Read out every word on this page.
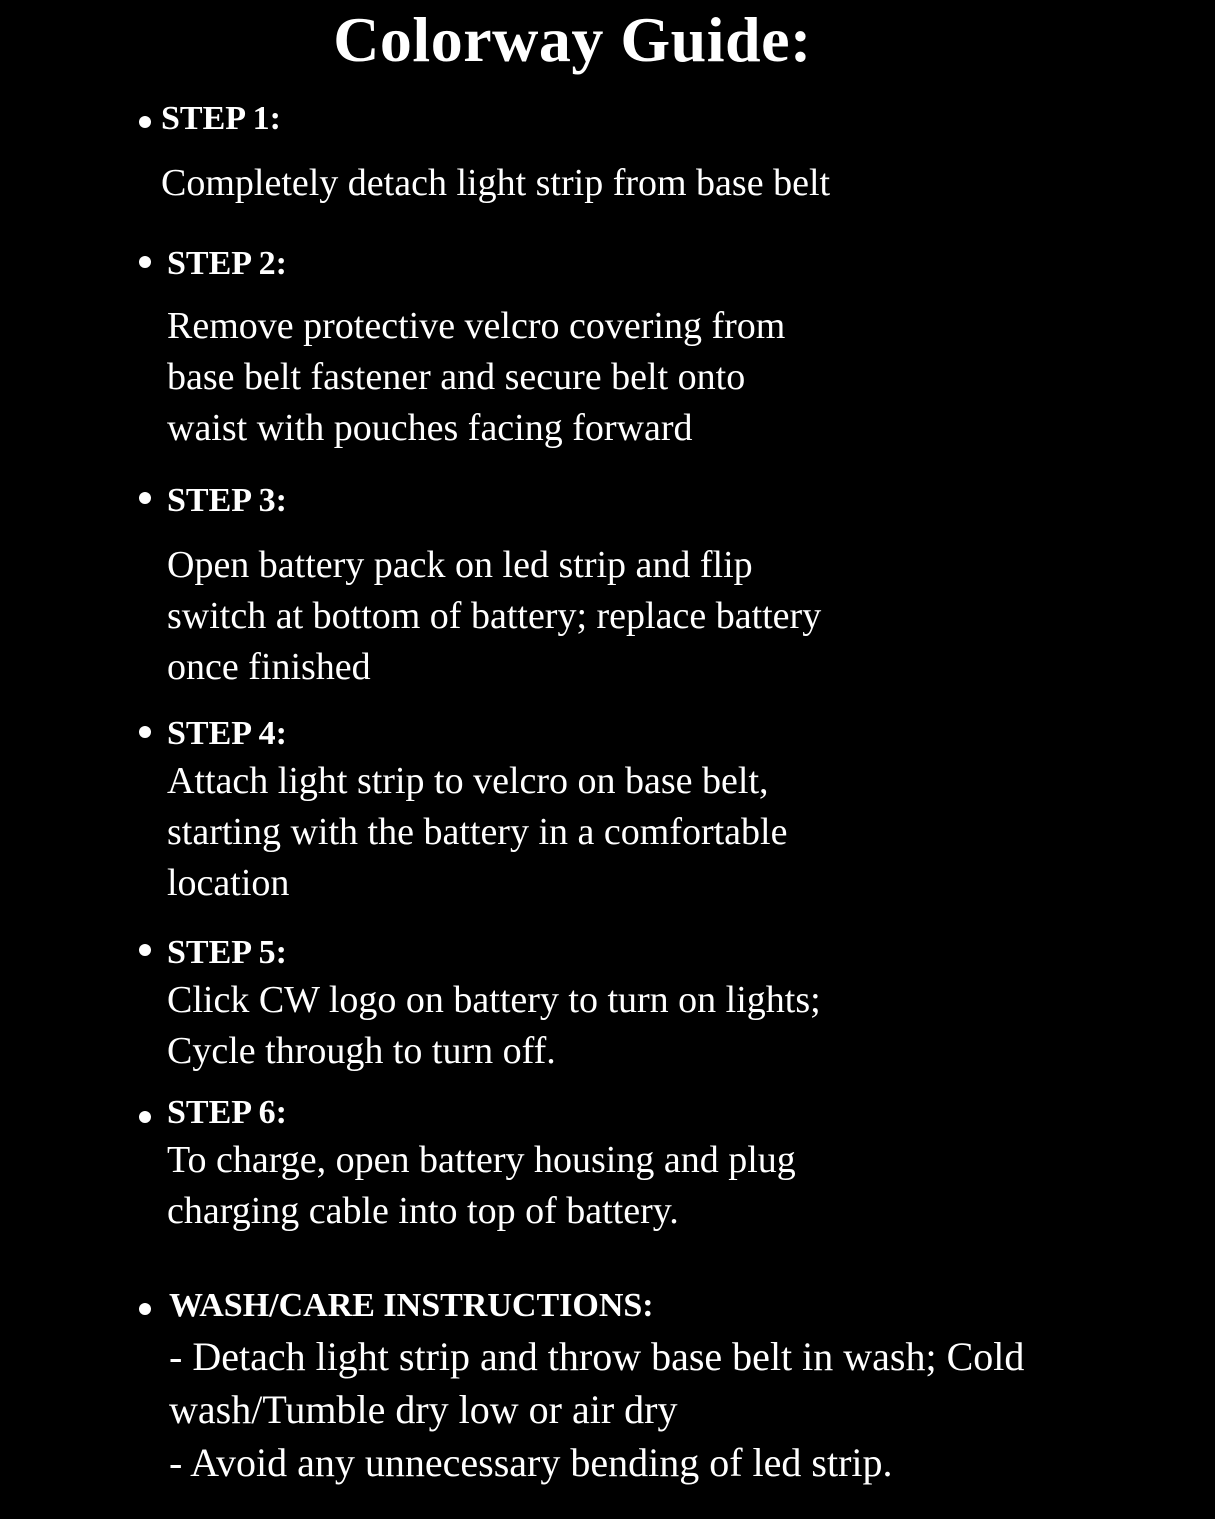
Colorway Guide:
STEP 1:
Completely detach light strip from base belt
STEP 2:
Remove protective velcro covering from
base belt fastener and secure belt onto
waist with pouches facing forward
STEP 3:
Open battery pack on led strip and flip
switch at bottom of battery; replace battery
once finished
STEP 4:
Attach light strip to velcro on base belt,
starting with the battery in a comfortable
location
STEP 5:
Click CW logo on battery to turn on lights;
Cycle through to turn off.
STEP 6:
To charge, open battery housing and plug
charging cable into top of battery.
WASH/CARE INSTRUCTIONS:
- Detach light strip and throw base belt in wash; Cold
wash/Tumble dry low or air dry
- Avoid any unnecessary bending of led strip.
